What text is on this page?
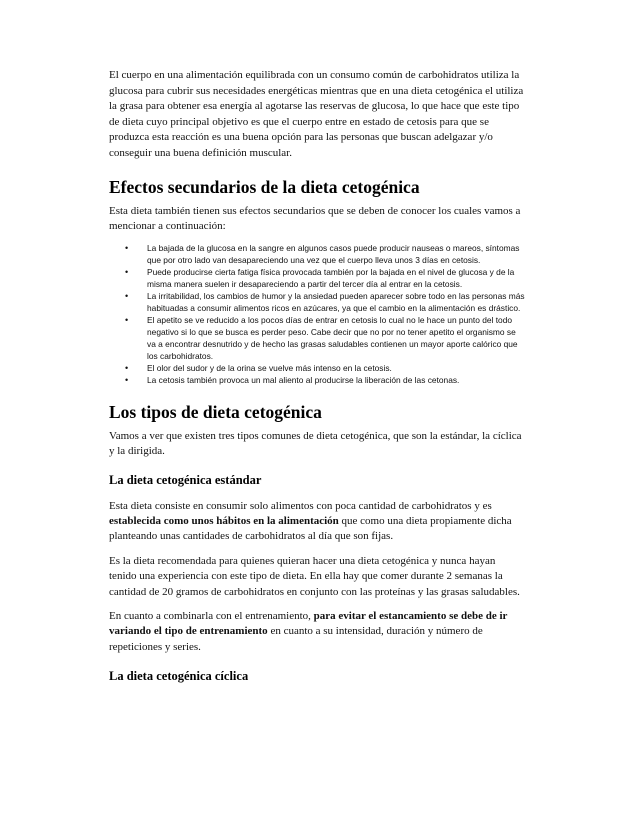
El cuerpo en una alimentación equilibrada con un consumo común de carbohidratos utiliza la glucosa para cubrir sus necesidades energéticas mientras que en una dieta cetogénica el utiliza la grasa para obtener esa energía al agotarse las reservas de glucosa, lo que hace que este tipo de dieta cuyo principal objetivo es que el cuerpo entre en estado de cetosis para que se produzca esta reacción es una buena opción para las personas que buscan adelgazar y/o conseguir una buena definición muscular.

Efectos secundarios de la dieta cetogénica

Esta dieta también tienen sus efectos secundarios que se deben de conocer los cuales vamos a mencionar a continuación:

• La bajada de la glucosa en la sangre en algunos casos puede producir nauseas o mareos, síntomas que por otro lado van desapareciendo una vez que el cuerpo lleva unos 3 días en cetosis.
• Puede producirse cierta fatiga física provocada también por la bajada en el nivel de glucosa y de la misma manera suelen ir desapareciendo a partir del tercer día al entrar en la cetosis.
• La irritabilidad, los cambios de humor y la ansiedad pueden aparecer sobre todo en las personas más habituadas a consumir alimentos ricos en azúcares, ya que el cambio en la alimentación es drástico.
• El apetito se ve reducido a los pocos días de entrar en cetosis lo cual no le hace un punto del todo negativo si lo que se busca es perder peso. Cabe decir que no por no tener apetito el organismo se va a encontrar desnutrido y de hecho las grasas saludables contienen un mayor aporte calórico que los carbohidratos.
• El olor del sudor y de la orina se vuelve más intenso en la cetosis.
• La cetosis también provoca un mal aliento al producirse la liberación de las cetonas.
Los tipos de dieta cetogénica

Vamos a ver que existen tres tipos comunes de dieta cetogénica, que son la estándar, la cíclica y la dirigida.

La dieta cetogénica estándar

Esta dieta consiste en consumir solo alimentos con poca cantidad de carbohidratos y es establecida como unos hábitos en la alimentación que como una dieta propiamente dicha planteando unas cantidades de carbohidratos al día que son fijas.

Es la dieta recomendada para quienes quieran hacer una dieta cetogénica y nunca hayan tenido una experiencia con este tipo de dieta. En ella hay que comer durante 2 semanas la cantidad de 20 gramos de carbohidratos en conjunto con las proteínas y las grasas saludables.

En cuanto a combinarla con el entrenamiento, para evitar el estancamiento se debe de ir variando el tipo de entrenamiento en cuanto a su intensidad, duración y número de repeticiones y series.

La dieta cetogénica cíclica
